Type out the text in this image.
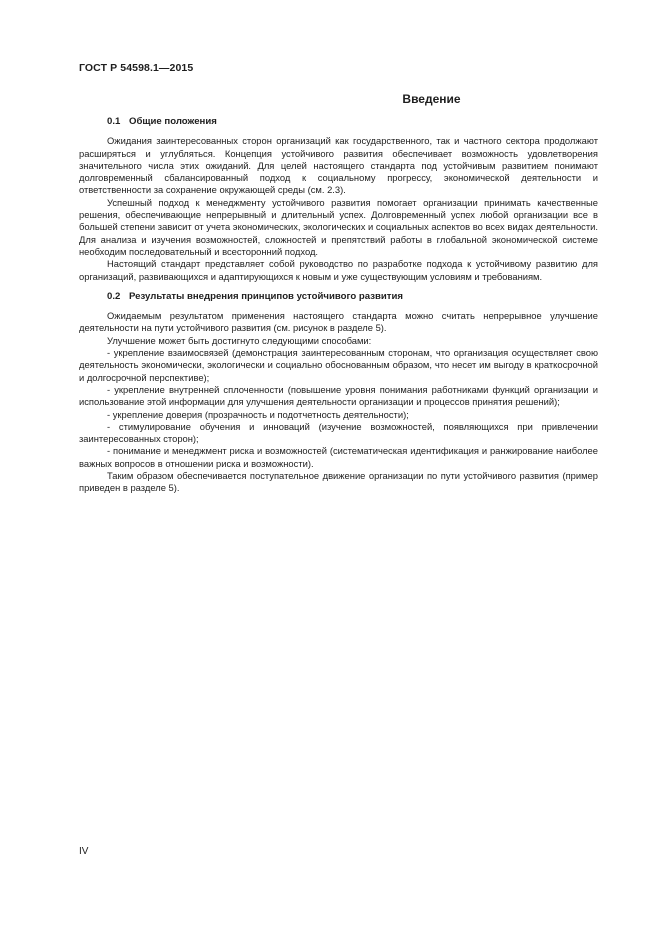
ГОСТ Р 54598.1—2015
Введение
0.1 Общие положения

Ожидания заинтересованных сторон организаций как государственного, так и частного сектора продолжают расширяться и углубляться. Концепция устойчивого развития обеспечивает возможность удовлетворения значительного числа этих ожиданий. Для целей настоящего стандарта под устойчивым развитием понимают долговременный сбалансированный подход к социальному прогрессу, экономической деятельности и ответственности за сохранение окружающей среды (см. 2.3).

Успешный подход к менеджменту устойчивого развития помогает организации принимать качественные решения, обеспечивающие непрерывный и длительный успех. Долговременный успех любой организации все в большей степени зависит от учета экономических, экологических и социальных аспектов во всех видах деятельности. Для анализа и изучения возможностей, сложностей и препятствий работы в глобальной экономической системе необходим последовательный и всесторонний подход.

Настоящий стандарт представляет собой руководство по разработке подхода к устойчивому развитию для организаций, развивающихся и адаптирующихся к новым и уже существующим условиям и требованиям.

0.2 Результаты внедрения принципов устойчивого развития

Ожидаемым результатом применения настоящего стандарта можно считать непрерывное улучшение деятельности на пути устойчивого развития (см. рисунок в разделе 5).

Улучшение может быть достигнуто следующими способами:

- укрепление взаимосвязей (демонстрация заинтересованным сторонам, что организация осуществляет свою деятельность экономически, экологически и социально обоснованным образом, что несет им выгоду в краткосрочной и долгосрочной перспективе);

- укрепление внутренней сплоченности (повышение уровня понимания работниками функций организации и использование этой информации для улучшения деятельности организации и процессов принятия решений);

- укрепление доверия (прозрачность и подотчетность деятельности);

- стимулирование обучения и инноваций (изучение возможностей, появляющихся при привлечении заинтересованных сторон);

- понимание и менеджмент риска и возможностей (систематическая идентификация и ранжирование наиболее важных вопросов в отношении риска и возможности).

Таким образом обеспечивается поступательное движение организации по пути устойчивого развития (пример приведен в разделе 5).

IV
